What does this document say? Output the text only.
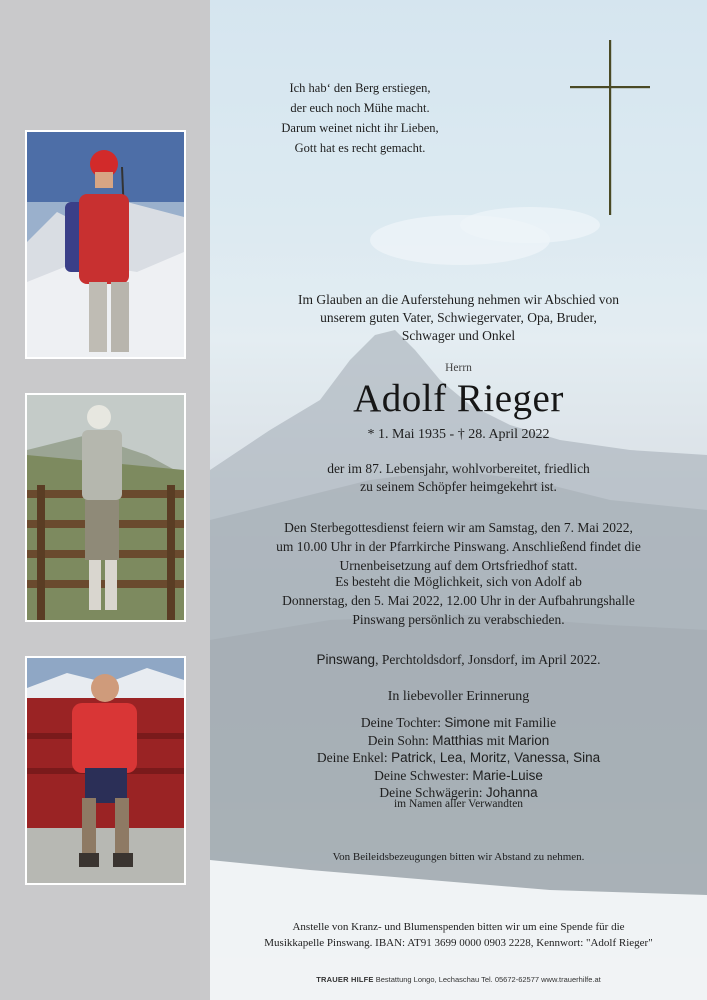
Ich hab‘ den Berg erstiegen,
der euch noch Mühe macht.
Darum weinet nicht ihr Lieben,
Gott hat es recht gemacht.
Im Glauben an die Auferstehung nehmen wir Abschied von
unserem guten Vater, Schwiegervater, Opa, Bruder,
Schwager und Onkel
Herrn
Adolf Rieger
* 1. Mai 1935 - † 28. April 2022
der im 87. Lebensjahr, wohlvorbereitet, friedlich
zu seinem Schöpfer heimgekehrt ist.
Den Sterbegottesdienst feiern wir am Samstag, den 7. Mai 2022,
um 10.00 Uhr in der Pfarrkirche Pinswang. Anschließend findet die
Urnenbeisetzung auf dem Ortsfriedhof statt.
Es besteht die Möglichkeit, sich von Adolf ab
Donnerstag, den 5. Mai 2022, 12.00 Uhr in der Aufbahrungshalle
Pinswang persönlich zu verabschieden.
Pinswang, Perchtoldsdorf, Jonsdorf, im April 2022.
In liebevoller Erinnerung
Deine Tochter: Simone mit Familie
Dein Sohn: Matthias mit Marion
Deine Enkel: Patrick, Lea, Moritz, Vanessa, Sina
Deine Schwester: Marie-Luise
Deine Schwägerin: Johanna
im Namen aller Verwandten
Von Beileidsbezeugungen bitten wir Abstand zu nehmen.
Anstelle von Kranz- und Blumenspenden bitten wir um eine Spende für die
Musikkapelle Pinswang. IBAN: AT91 3699 0000 0903 2228, Kennwort: "Adolf Rieger"
TRAUER HILFE Bestattung Longo, Lechaschau Tel. 05672-62577 www.trauerhilfe.at
